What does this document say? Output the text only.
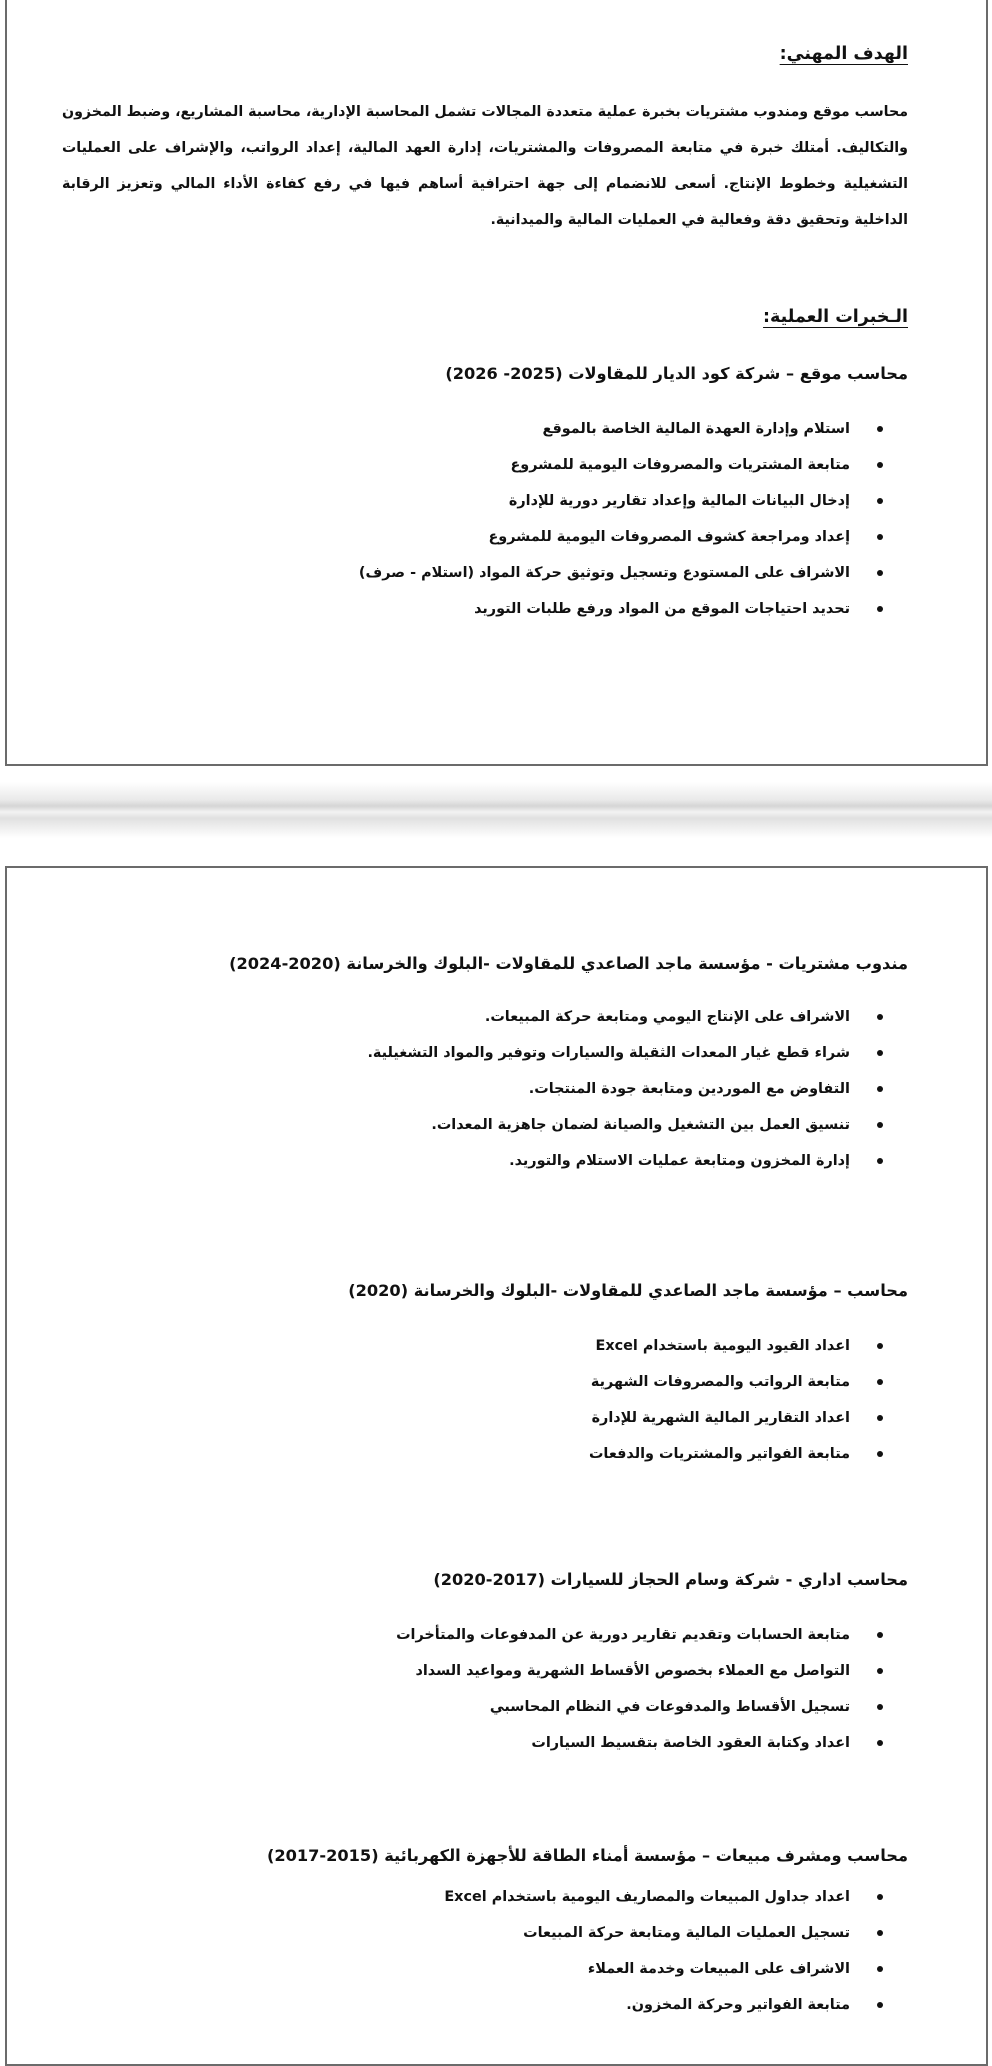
الهدف المهني:
محاسب موقع ومندوب مشتريات بخبرة عملية متعددة المجالات تشمل المحاسبة الإدارية، محاسبة المشاريع، وضبط المخزون والتكاليف. أمتلك خبرة في متابعة المصروفات والمشتريات، إدارة العهد المالية، إعداد الرواتب، والإشراف على العمليات التشغيلية وخطوط الإنتاج. أسعى للانضمام إلى جهة احترافية أساهم فيها في رفع كفاءة الأداء المالي وتعزيز الرقابة الداخلية وتحقيق دقة وفعالية في العمليات المالية والميدانية.
الـخبرات العملية:
محاسب موقع – شركة كود الديار للمقاولات (2025- 2026)
استلام وإدارة العهدة المالية الخاصة بالموقع
متابعة المشتريات والمصروفات اليومية للمشروع
إدخال البيانات المالية وإعداد تقارير دورية للإدارة
إعداد ومراجعة كشوف المصروفات اليومية للمشروع
الاشراف على المستودع وتسجيل وتوثيق حركة المواد (استلام - صرف)
تحديد احتياجات الموقع من المواد ورفع طلبات التوريد
مندوب مشتريات - مؤسسة ماجد الصاعدي للمقاولات -البلوك والخرسانة (2020-2024)
الاشراف على الإنتاج اليومي ومتابعة حركة المبيعات.
شراء قطع غيار المعدات الثقيلة والسيارات وتوفير والمواد التشغيلية.
التفاوض مع الموردين ومتابعة جودة المنتجات.
تنسيق العمل بين التشغيل والصيانة لضمان جاهزية المعدات.
إدارة المخزون ومتابعة عمليات الاستلام والتوريد.
محاسب – مؤسسة ماجد الصاعدي للمقاولات -البلوك والخرسانة (2020)
اعداد القيود اليومية باستخدام Excel
متابعة الرواتب والمصروفات الشهرية
اعداد التقارير المالية الشهرية للإدارة
متابعة الفواتير والمشتريات والدفعات
محاسب اداري - شركة وسام الحجاز للسيارات (2017-2020)
متابعة الحسابات وتقديم تقارير دورية عن المدفوعات والمتأخرات
التواصل مع العملاء بخصوص الأقساط الشهرية ومواعيد السداد
تسجيل الأقساط والمدفوعات في النظام المحاسبي
اعداد وكتابة العقود الخاصة بتقسيط السيارات
محاسب ومشرف مبيعات – مؤسسة أمناء الطاقة للأجهزة الكهربائية (2015-2017)
اعداد جداول المبيعات والمصاريف اليومية باستخدام Excel
تسجيل العمليات المالية ومتابعة حركة المبيعات
الاشراف على المبيعات وخدمة العملاء
متابعة الفواتير وحركة المخزون.
